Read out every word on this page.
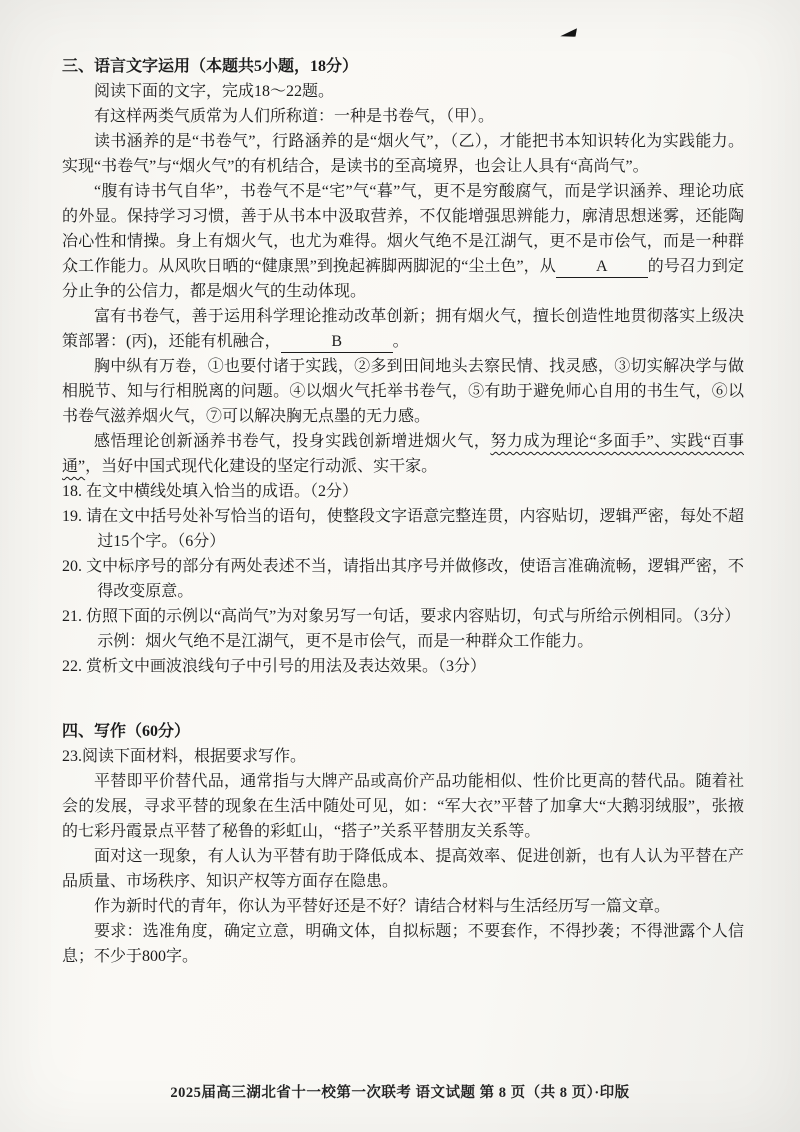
三、语言文字运用（本题共5小题，18分）

阅读下面的文字，完成18～22题。

有这样两类气质常为人们所称道：一种是书卷气，（甲）。

读书涵养的是“书卷气”，行路涵养的是“烟火气”，（乙），才能把书本知识转化为实践能力。实现“书卷气”与“烟火气”的有机结合，是读书的至高境界，也会让人具有“高尚气”。

“腹有诗书气自华”，书卷气不是“宅”气“暮”气，更不是穷酸腐气，而是学识涵养、理论功底的外显。保持学习习惯，善于从书本中汲取营养，不仅能增强思辨能力，廓清思想迷雾，还能陶冶心性和情操。身上有烟火气，也尤为难得。烟火气绝不是江湖气，更不是市侩气，而是一种群众工作能力。从风吹日晒的“健康黑”到挽起裤脚两脚泥的“尘土色”，从	A	的号召力到定分止争的公信力，都是烟火气的生动体现。

富有书卷气，善于运用科学理论推动改革创新；拥有烟火气，擅长创造性地贯彻落实上级决策部署：(丙)，还能有机融合，	B	。

胸中纵有万卷，①也要付诸于实践，②多到田间地头去察民情、找灵感，③切实解决学与做相脱节、知与行相脱离的问题。④以烟火气托举书卷气，⑤有助于避免师心自用的书生气，⑥以书卷气滋养烟火气，⑦可以解决胸无点墨的无力感。

感悟理论创新涵养书卷气，投身实践创新增进烟火气，努力成为理论“多面手”、实践“百事通”，当好中国式现代化建设的坚定行动派、实干家。

18. 在文中横线处填入恰当的成语。（2分）
19. 请在文中括号处补写恰当的语句，使整段文字语意完整连贯，内容贴切，逻辑严密，每处不超过15个字。（6分）
20. 文中标序号的部分有两处表述不当，请指出其序号并做修改，使语言准确流畅，逻辑严密，不得改变原意。
21. 仿照下面的示例以“高尚气”为对象另写一句话，要求内容贴切，句式与所给示例相同。（3分）
示例：烟火气绝不是江湖气，更不是市侩气，而是一种群众工作能力。
22. 赏析文中画波浪线句子中引号的用法及表达效果。（3分）

四、写作（60分）

23.阅读下面材料，根据要求写作。

平替即平价替代品，通常指与大牌产品或高价产品功能相似、性价比更高的替代品。随着社会的发展，寻求平替的现象在生活中随处可见，如：“军大衣”平替了加拿大“大鹅羽绒服”，张掖的七彩丹霞景点平替了秘鲁的彩虹山，“搭子”关系平替朋友关系等。

面对这一现象，有人认为平替有助于降低成本、提高效率、促进创新，也有人认为平替在产品质量、市场秩序、知识产权等方面存在隐患。

作为新时代的青年，你认为平替好还是不好？请结合材料与生活经历写一篇文章。

要求：选准角度，确定立意，明确文体，自拟标题；不要套作，不得抄袭；不得泄露个人信息；不少于800字。

2025届高三湖北省十一校第一次联考 语文试题 第 8 页（共 8 页）·印版
